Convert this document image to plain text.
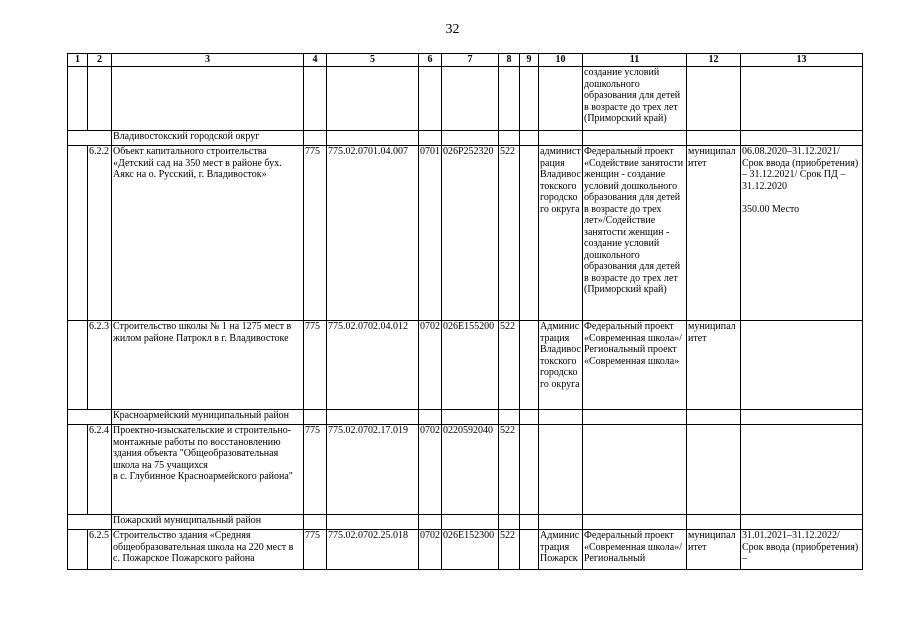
32
1	2	3	4	5	6	7	8	9	10	11	12	13
										создание условий дошкольного образования для детей в возрасте до трех лет (Приморский край)		
		Владивостокский городской округ										
	6.2.2	Объект капитального строительства «Детский сад на 350 мест в районе бух. Аякс на о. Русский, г. Владивосток»	775	775.02.0701.04.007	0701	026P252320	522		администрация Владивостокского городского округа	Федеральный проект «Содействие занятости женщин - создание условий дошкольного образования для детей в возрасте до трех лет»/Содействие занятости женщин - создание условий дошкольного образования для детей в возрасте до трех лет (Приморский край)	муниципалитет	06.08.2020–31.12.2021/ Срок ввода (приобретения) – 31.12.2021/ Срок ПД – 31.12.2020

350.00 Место
	6.2.3	Строительство школы № 1 на 1275 мест в жилом районе Патрокл в г. Владивостоке	775	775.02.0702.04.012	0702	026E155200	522		Администрация Владивостокского городского округа	Федеральный проект «Современная школа»/Региональный проект «Современная школа»	муниципалитет	
		Красноармейский муниципальный район										
	6.2.4	Проектно-изыскательские и строительно-монтажные работы по восстановлению здания объекта "Общеобразовательная школа на 75 учащихся
в с. Глубинное Красноармейского района"	775	775.02.0702.17.019	0702	0220592040	522					
		Пожарский муниципальный район										
	6.2.5	Строительство здания «Средняя общеобразовательная школа на 220 мест в с. Пожарское Пожарского района	775	775.02.0702.25.018	0702	026E152300	522		Администрация Пожарск	Федеральный проект «Современная школа»/Региональный	муниципалитет	31.01.2021–31.12.2022/ Срок ввода (приобретения) –
